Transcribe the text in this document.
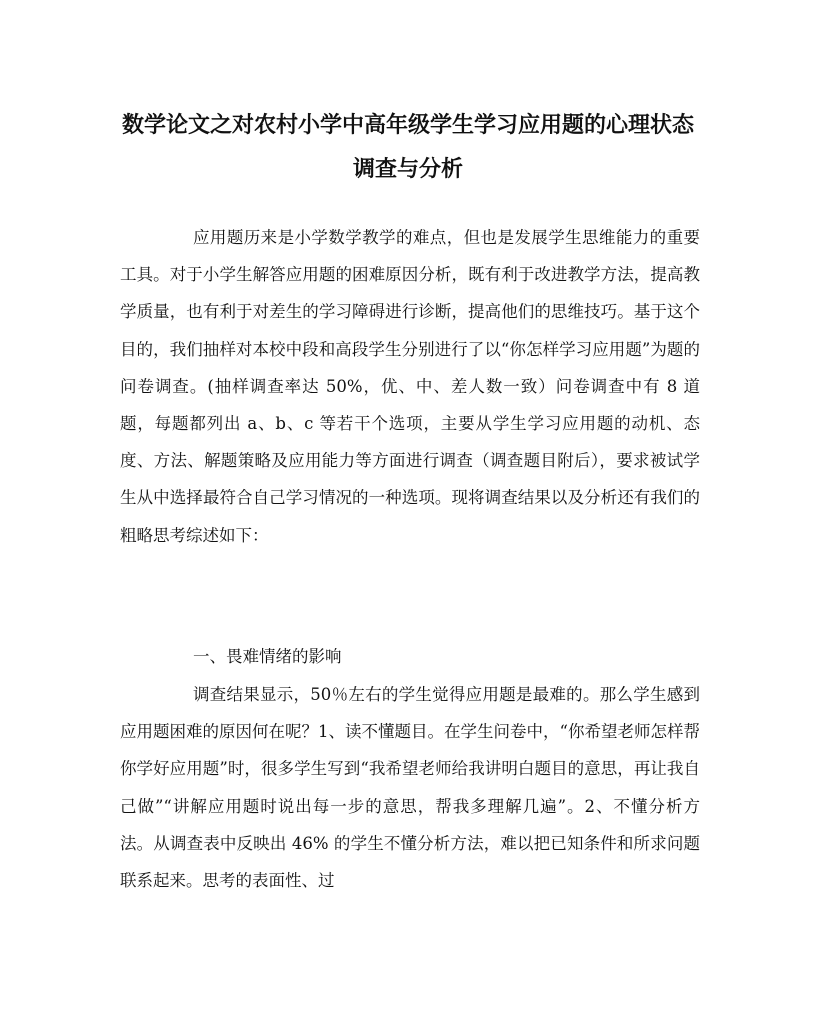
数学论文之对农村小学中高年级学生学习应用题的心理状态调查与分析

应用题历来是小学数学教学的难点，但也是发展学生思维能力的重要工具。对于小学生解答应用题的困难原因分析，既有利于改进教学方法，提高教学质量，也有利于对差生的学习障碍进行诊断，提高他们的思维技巧。基于这个目的，我们抽样对本校中段和高段学生分别进行了以“你怎样学习应用题”为题的问卷调查。(抽样调查率达 50%，优、中、差人数一致）问卷调查中有 8 道题，每题都列出 a、b、c 等若干个选项，主要从学生学习应用题的动机、态度、方法、解题策略及应用能力等方面进行调查（调查题目附后），要求被试学生从中选择最符合自己学习情况的一种选项。现将调查结果以及分析还有我们的粗略思考综述如下：

一、畏难情绪的影响

调查结果显示，50％左右的学生觉得应用题是最难的。那么学生感到应用题困难的原因何在呢？1、读不懂题目。在学生问卷中，“你希望老师怎样帮你学好应用题”时，很多学生写到“我希望老师给我讲明白题目的意思，再让我自己做”“讲解应用题时说出每一步的意思，帮我多理解几遍”。2、不懂分析方法。从调查表中反映出 46% 的学生不懂分析方法，难以把已知条件和所求问题联系起来。思考的表面性、过
